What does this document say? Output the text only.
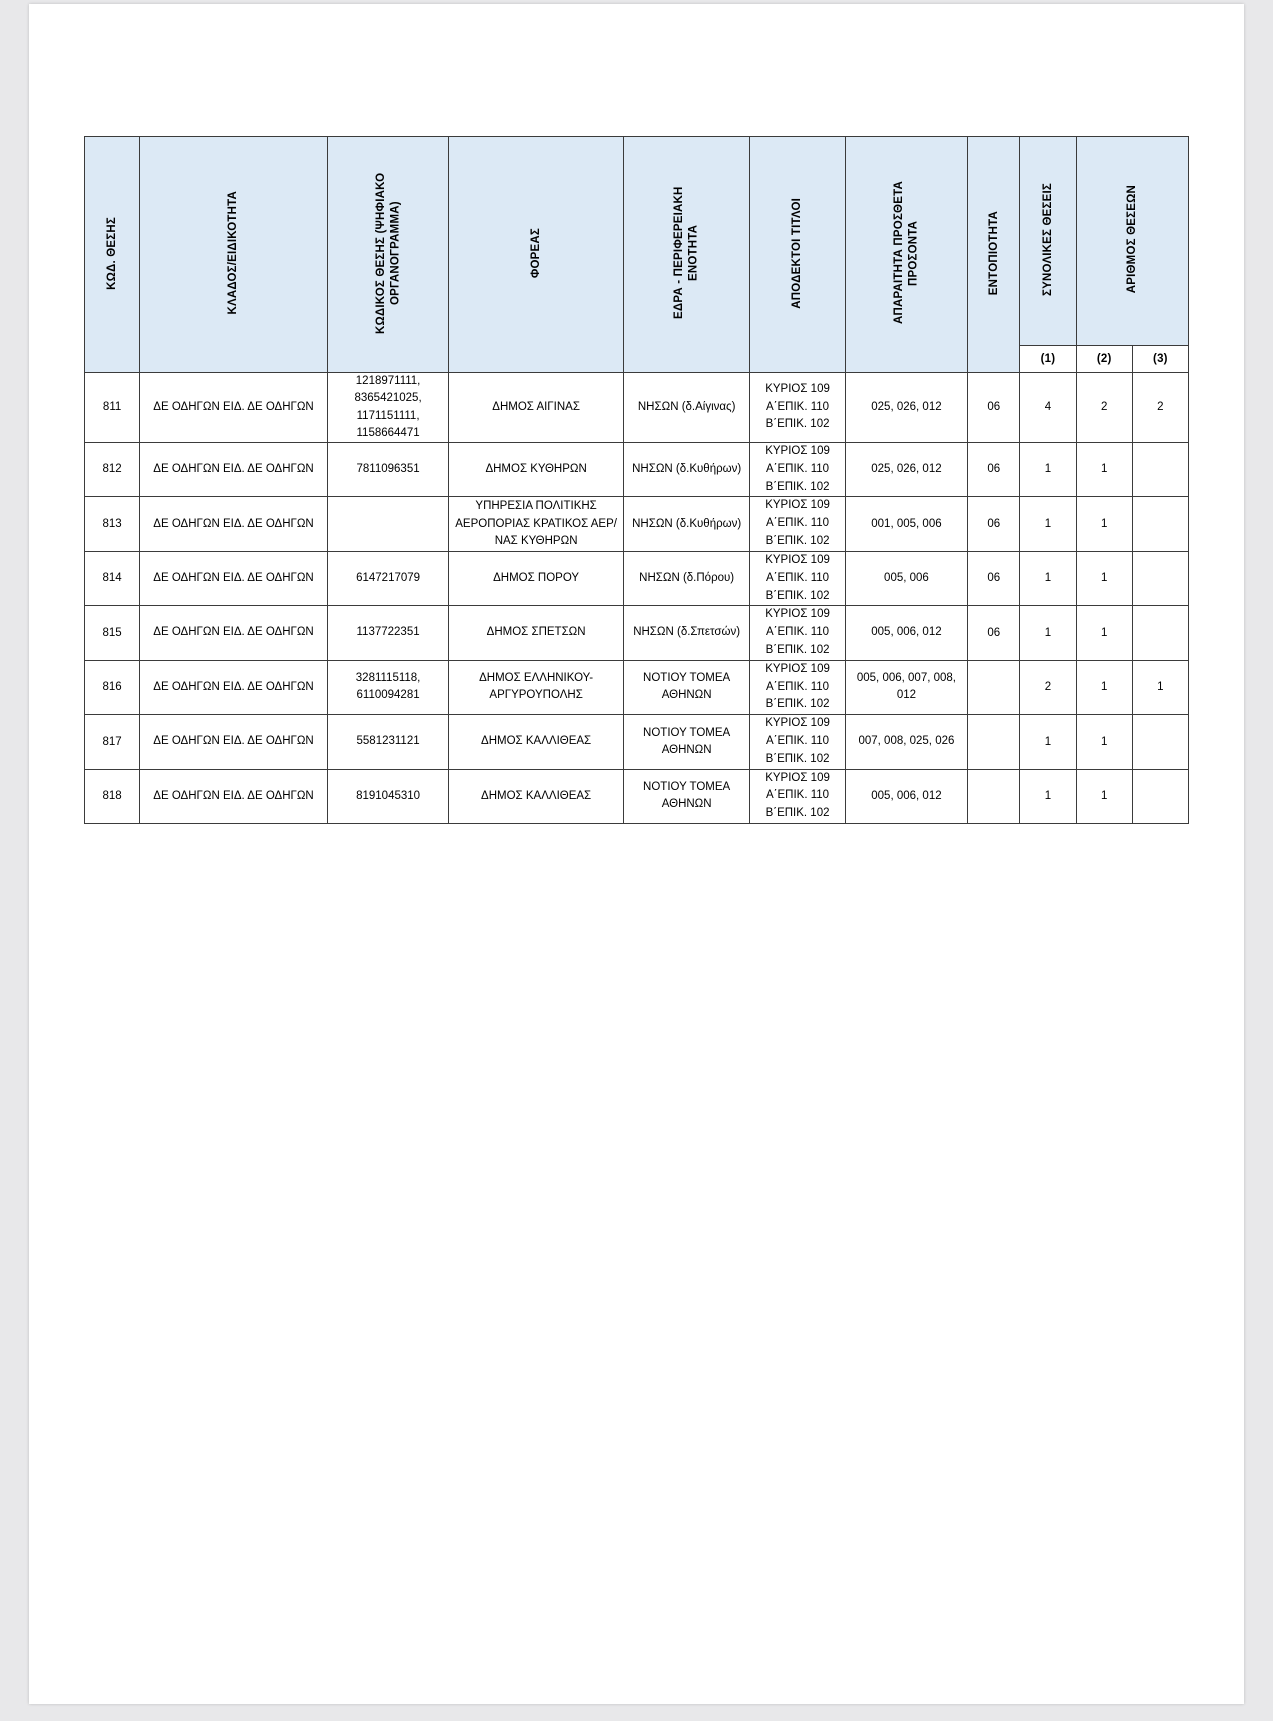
ΚΩΔ. ΘΕΣΗΣ	ΚΛΑΔΟΣ/ΕΙΔΙΚΟΤΗΤΑ	ΚΩΔΙΚΟΣ ΘΕΣΗΣ (ΨΗΦΙΑΚΟ ΟΡΓΑΝΟΓΡΑΜΜΑ)	ΦΟΡΕΑΣ	ΕΔΡΑ - ΠΕΡΙΦΕΡΕΙΑΚΗ ΕΝΟΤΗΤΑ	ΑΠΟΔΕΚΤΟΙ ΤΙΤΛΟΙ	ΑΠΑΡΑΙΤΗΤΑ ΠΡΟΣΘΕΤΑ ΠΡΟΣΟΝΤΑ	ΕΝΤΟΠΙΟΤΗΤΑ	ΣΥΝΟΛΙΚΕΣ ΘΕΣΕΙΣ	ΑΡΙΘΜΟΣ ΘΕΣΕΩΝ	
								(1)	(2)	(3)
811	ΔΕ ΟΔΗΓΩΝ ΕΙΔ. ΔΕ ΟΔΗΓΩΝ	1218971111, 8365421025, 1171151111, 1158664471	ΔΗΜΟΣ ΑΙΓΙΝΑΣ	ΝΗΣΩΝ (δ.Αίγινας)	ΚΥΡΙΟΣ 109 Α΄ΕΠΙΚ. 110 Β΄ΕΠΙΚ. 102	025, 026, 012	06	4	2	2
812	ΔΕ ΟΔΗΓΩΝ ΕΙΔ. ΔΕ ΟΔΗΓΩΝ	7811096351	ΔΗΜΟΣ ΚΥΘΗΡΩΝ	ΝΗΣΩΝ (δ.Κυθήρων)	ΚΥΡΙΟΣ 109 Α΄ΕΠΙΚ. 110 Β΄ΕΠΙΚ. 102	025, 026, 012	06	1	1	
813	ΔΕ ΟΔΗΓΩΝ ΕΙΔ. ΔΕ ΟΔΗΓΩΝ		ΥΠΗΡΕΣΙΑ ΠΟΛΙΤΙΚΗΣ ΑΕΡΟΠΟΡΙΑΣ ΚΡΑΤΙΚΟΣ ΑΕΡ/ΝΑΣ ΚΥΘΗΡΩΝ	ΝΗΣΩΝ (δ.Κυθήρων)	ΚΥΡΙΟΣ 109 Α΄ΕΠΙΚ. 110 Β΄ΕΠΙΚ. 102	001, 005, 006	06	1	1	
814	ΔΕ ΟΔΗΓΩΝ ΕΙΔ. ΔΕ ΟΔΗΓΩΝ	6147217079	ΔΗΜΟΣ ΠΟΡΟΥ	ΝΗΣΩΝ (δ.Πόρου)	ΚΥΡΙΟΣ 109 Α΄ΕΠΙΚ. 110 Β΄ΕΠΙΚ. 102	005, 006	06	1	1	
815	ΔΕ ΟΔΗΓΩΝ ΕΙΔ. ΔΕ ΟΔΗΓΩΝ	1137722351	ΔΗΜΟΣ ΣΠΕΤΣΩΝ	ΝΗΣΩΝ (δ.Σπετσών)	ΚΥΡΙΟΣ 109 Α΄ΕΠΙΚ. 110 Β΄ΕΠΙΚ. 102	005, 006, 012	06	1	1	
816	ΔΕ ΟΔΗΓΩΝ ΕΙΔ. ΔΕ ΟΔΗΓΩΝ	3281115118, 6110094281	ΔΗΜΟΣ ΕΛΛΗΝΙΚΟΥ-ΑΡΓΥΡΟΥΠΟΛΗΣ	ΝΟΤΙΟΥ ΤΟΜΕΑ ΑΘΗΝΩΝ	ΚΥΡΙΟΣ 109 Α΄ΕΠΙΚ. 110 Β΄ΕΠΙΚ. 102	005, 006, 007, 008, 012		2	1	1
817	ΔΕ ΟΔΗΓΩΝ ΕΙΔ. ΔΕ ΟΔΗΓΩΝ	5581231121	ΔΗΜΟΣ ΚΑΛΛΙΘΕΑΣ	ΝΟΤΙΟΥ ΤΟΜΕΑ ΑΘΗΝΩΝ	ΚΥΡΙΟΣ 109 Α΄ΕΠΙΚ. 110 Β΄ΕΠΙΚ. 102	007, 008, 025, 026		1	1	
818	ΔΕ ΟΔΗΓΩΝ ΕΙΔ. ΔΕ ΟΔΗΓΩΝ	8191045310	ΔΗΜΟΣ ΚΑΛΛΙΘΕΑΣ	ΝΟΤΙΟΥ ΤΟΜΕΑ ΑΘΗΝΩΝ	ΚΥΡΙΟΣ 109 Α΄ΕΠΙΚ. 110 Β΄ΕΠΙΚ. 102	005, 006, 012		1	1	
